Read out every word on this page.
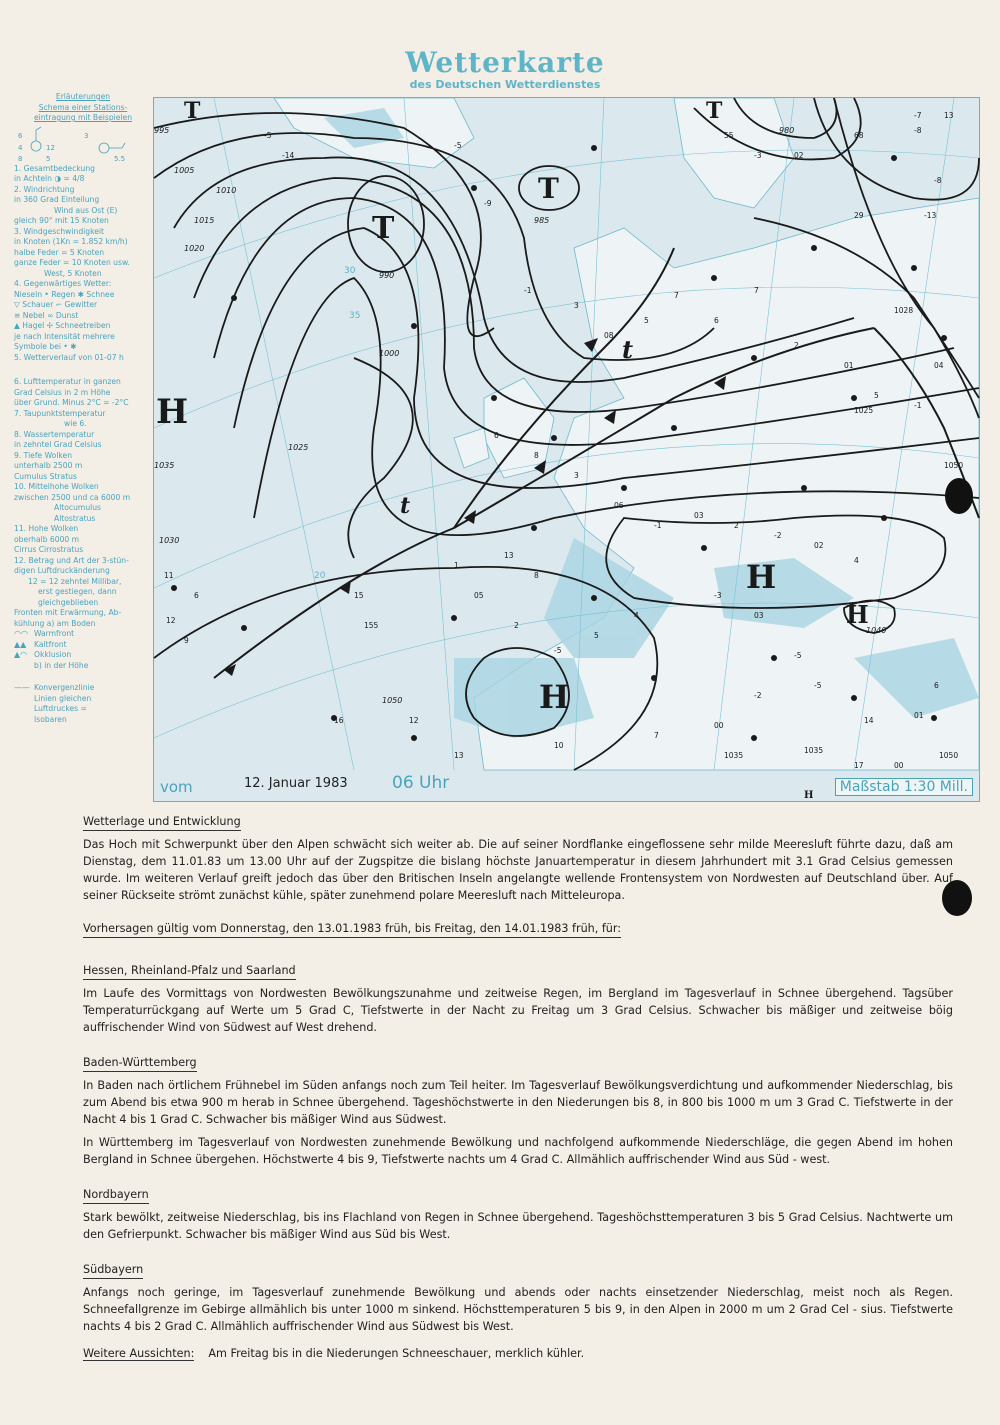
Wetterkarte
des Deutschen Wetterdienstes
Erläuterungen
Schema einer Stations-
eintragung mit Beispielen
6
4
8
12
5
3
5.5
1. Gesamtbedeckung
in Achteln ◑ = 4/8
2. Windrichtung
in 360 Grad Einteilung
Wind aus Ost (E)
gleich 90° mit 15 Knoten
3. Windgeschwindigkeit
in Knoten (1Kn = 1.852 km/h)
halbe Feder = 5 Knoten
ganze Feder = 10 Knoten usw.
West, 5 Knoten
4. Gegenwärtiges Wetter:
Nieseln • Regen ✱ Schnee
▽ Schauer ⌐ Gewitter
≡ Nebel ∞ Dunst
▲ Hagel ✢ Schneetreiben
je nach Intensität mehrere
Symbole bei • ✱
5. Wetterverlauf von 01-07 h
6. Lufttemperatur in ganzen
Grad Celsius in 2 m Höhe
über Grund. Minus 2°C = -2°C
7. Taupunktstemperatur
wie 6.
8. Wassertemperatur
in zehntel Grad Celsius
9. Tiefe Wolken
unterhalb 2500 m
Cumulus Stratus
10. Mittelhohe Wolken
zwischen 2500 und ca 6000 m
Altocumulus
Altostratus
11. Hohe Wolken
oberhalb 6000 m
Cirrus Cirrostratus
12. Betrag und Art der 3-stün-
digen Luftdruckänderung
12 = 12 zehntel Millibar,
erst gestiegen, dann
gleichgeblieben
Fronten mit Erwärmung, Ab-
kühlung a) am Boden
◠◠ Warmfront
▲▲ Kaltfront
▲◠ Okklusion
b) in der Höhe
—— Konvergenzlinie
Linien gleichen
Luftdruckes =
Isobaren
T
T
T	T
H
H
H
H
H
t
t
995
1000
1005
1010
1015
1020
1025
1030
990
985
980
1035
1040
1050
-5
-14
-5
-9
-1
3
08
5
7
6
7
2
01
5
-1
04
6
8
3
06
-1
03
2
-2
02
4
-3
03
-5
4
5
-5
2
05
1
13
8
15
155
11
6
12
9
16	12
13
10
7
00
-2
-5
14
01
6
17	00
55
-3	02
68
-7	13
-8
-8
-13
29
1028
1025
1050
1035
1035
1050
30
20
35
vom	12. Januar 1983	06 Uhr	Maßstab 1:30 Mill.
Wetterlage und Entwicklung

Das Hoch mit Schwerpunkt über den Alpen schwächt sich weiter ab. Die auf seiner Nordflanke eingeflossene sehr milde Meeresluft führte dazu, daß am Dienstag, dem 11.01.83 um 13.00 Uhr auf der Zugspitze die bislang höchste Januartemperatur in diesem Jahrhundert mit 3.1 Grad Celsius gemessen wurde. Im weiteren Verlauf greift jedoch das über den Britischen Inseln angelangte wellende Frontensystem von Nordwesten auf Deutschland über. Auf seiner Rückseite strömt zunächst kühle, später zunehmend polare Meeresluft nach Mitteleuropa.

Vorhersagen gültig vom Donnerstag, den 13.01.1983 früh, bis Freitag, den 14.01.1983 früh, für:
Hessen, Rheinland-Pfalz und Saarland

Im Laufe des Vormittags von Nordwesten Bewölkungszunahme und zeitweise Regen, im Bergland im Tagesverlauf in Schnee übergehend. Tagsüber Temperaturrückgang auf Werte um 5 Grad C, Tiefstwerte in der Nacht zu Freitag um 3 Grad Celsius. Schwacher bis mäßiger und zeitweise böig auffrischender Wind von Südwest auf West drehend.

Baden-Württemberg

In Baden nach örtlichem Frühnebel im Süden anfangs noch zum Teil heiter. Im Tagesverlauf Bewölkungsverdichtung und aufkommender Niederschlag, bis zum Abend bis etwa 900 m herab in Schnee übergehend. Tageshöchstwerte in den Niederungen bis 8, in 800 bis 1000 m um 3 Grad C. Tiefstwerte in der Nacht 4 bis 1 Grad C. Schwacher bis mäßiger Wind aus Südwest.

In Württemberg im Tagesverlauf von Nordwesten zunehmende Bewölkung und nachfolgend aufkommende Niederschläge, die gegen Abend im hohen Bergland in Schnee übergehen. Höchstwerte 4 bis 9, Tiefstwerte nachts um 4 Grad C. Allmählich auffrischender Wind aus Süd - west.

Nordbayern

Stark bewölkt, zeitweise Niederschlag, bis ins Flachland von Regen in Schnee übergehend. Tageshöchsttemperaturen 3 bis 5 Grad Celsius. Nachtwerte um den Gefrierpunkt. Schwacher bis mäßiger Wind aus Süd bis West.

Südbayern

Anfangs noch geringe, im Tagesverlauf zunehmende Bewölkung und abends oder nachts einsetzender Niederschlag, meist noch als Regen. Schneefallgrenze im Gebirge allmählich bis unter 1000 m sinkend. Höchsttemperaturen 5 bis 9, in den Alpen in 2000 m um 2 Grad Cel - sius. Tiefstwerte nachts 4 bis 2 Grad C. Allmählich auffrischender Wind aus Südwest bis West.

Weitere Aussichten: Am Freitag bis in die Niederungen Schneeschauer, merklich kühler.
